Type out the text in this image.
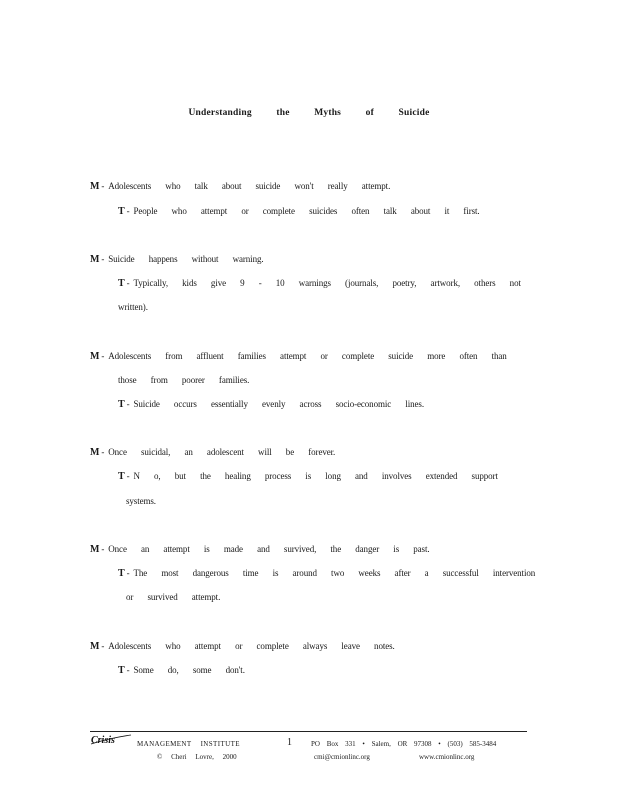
Understanding the Myths of Suicide
M - Adolescents who talk about suicide won't really attempt.
T - People who attempt or complete suicides often talk about it first.
M - Suicide happens without warning.
T - Typically, kids give 9 - 10 warnings (journals, poetry, artwork, others not
written).
M - Adolescents from affluent families attempt or complete suicide more often than
those from poorer families.
T - Suicide occurs essentially evenly across socio-economic lines.
M - Once suicidal, an adolescent will be forever.
T - N o, but the healing process is long and involves extended support
systems.
M - Once an attempt is made and survived, the danger is past.
T - The most dangerous time is around two weeks after a successful intervention
or survived attempt.
M - Adolescents who attempt or complete always leave notes.
T - Some do, some don't.
Crisis	MANAGEMENT INSTITUTE
© Cheri Lovre, 2000
1	PO Box 331 • Salem, OR 97308 • (503) 585-3484
cmi@cmionlinc.org	www.cmionlinc.org
